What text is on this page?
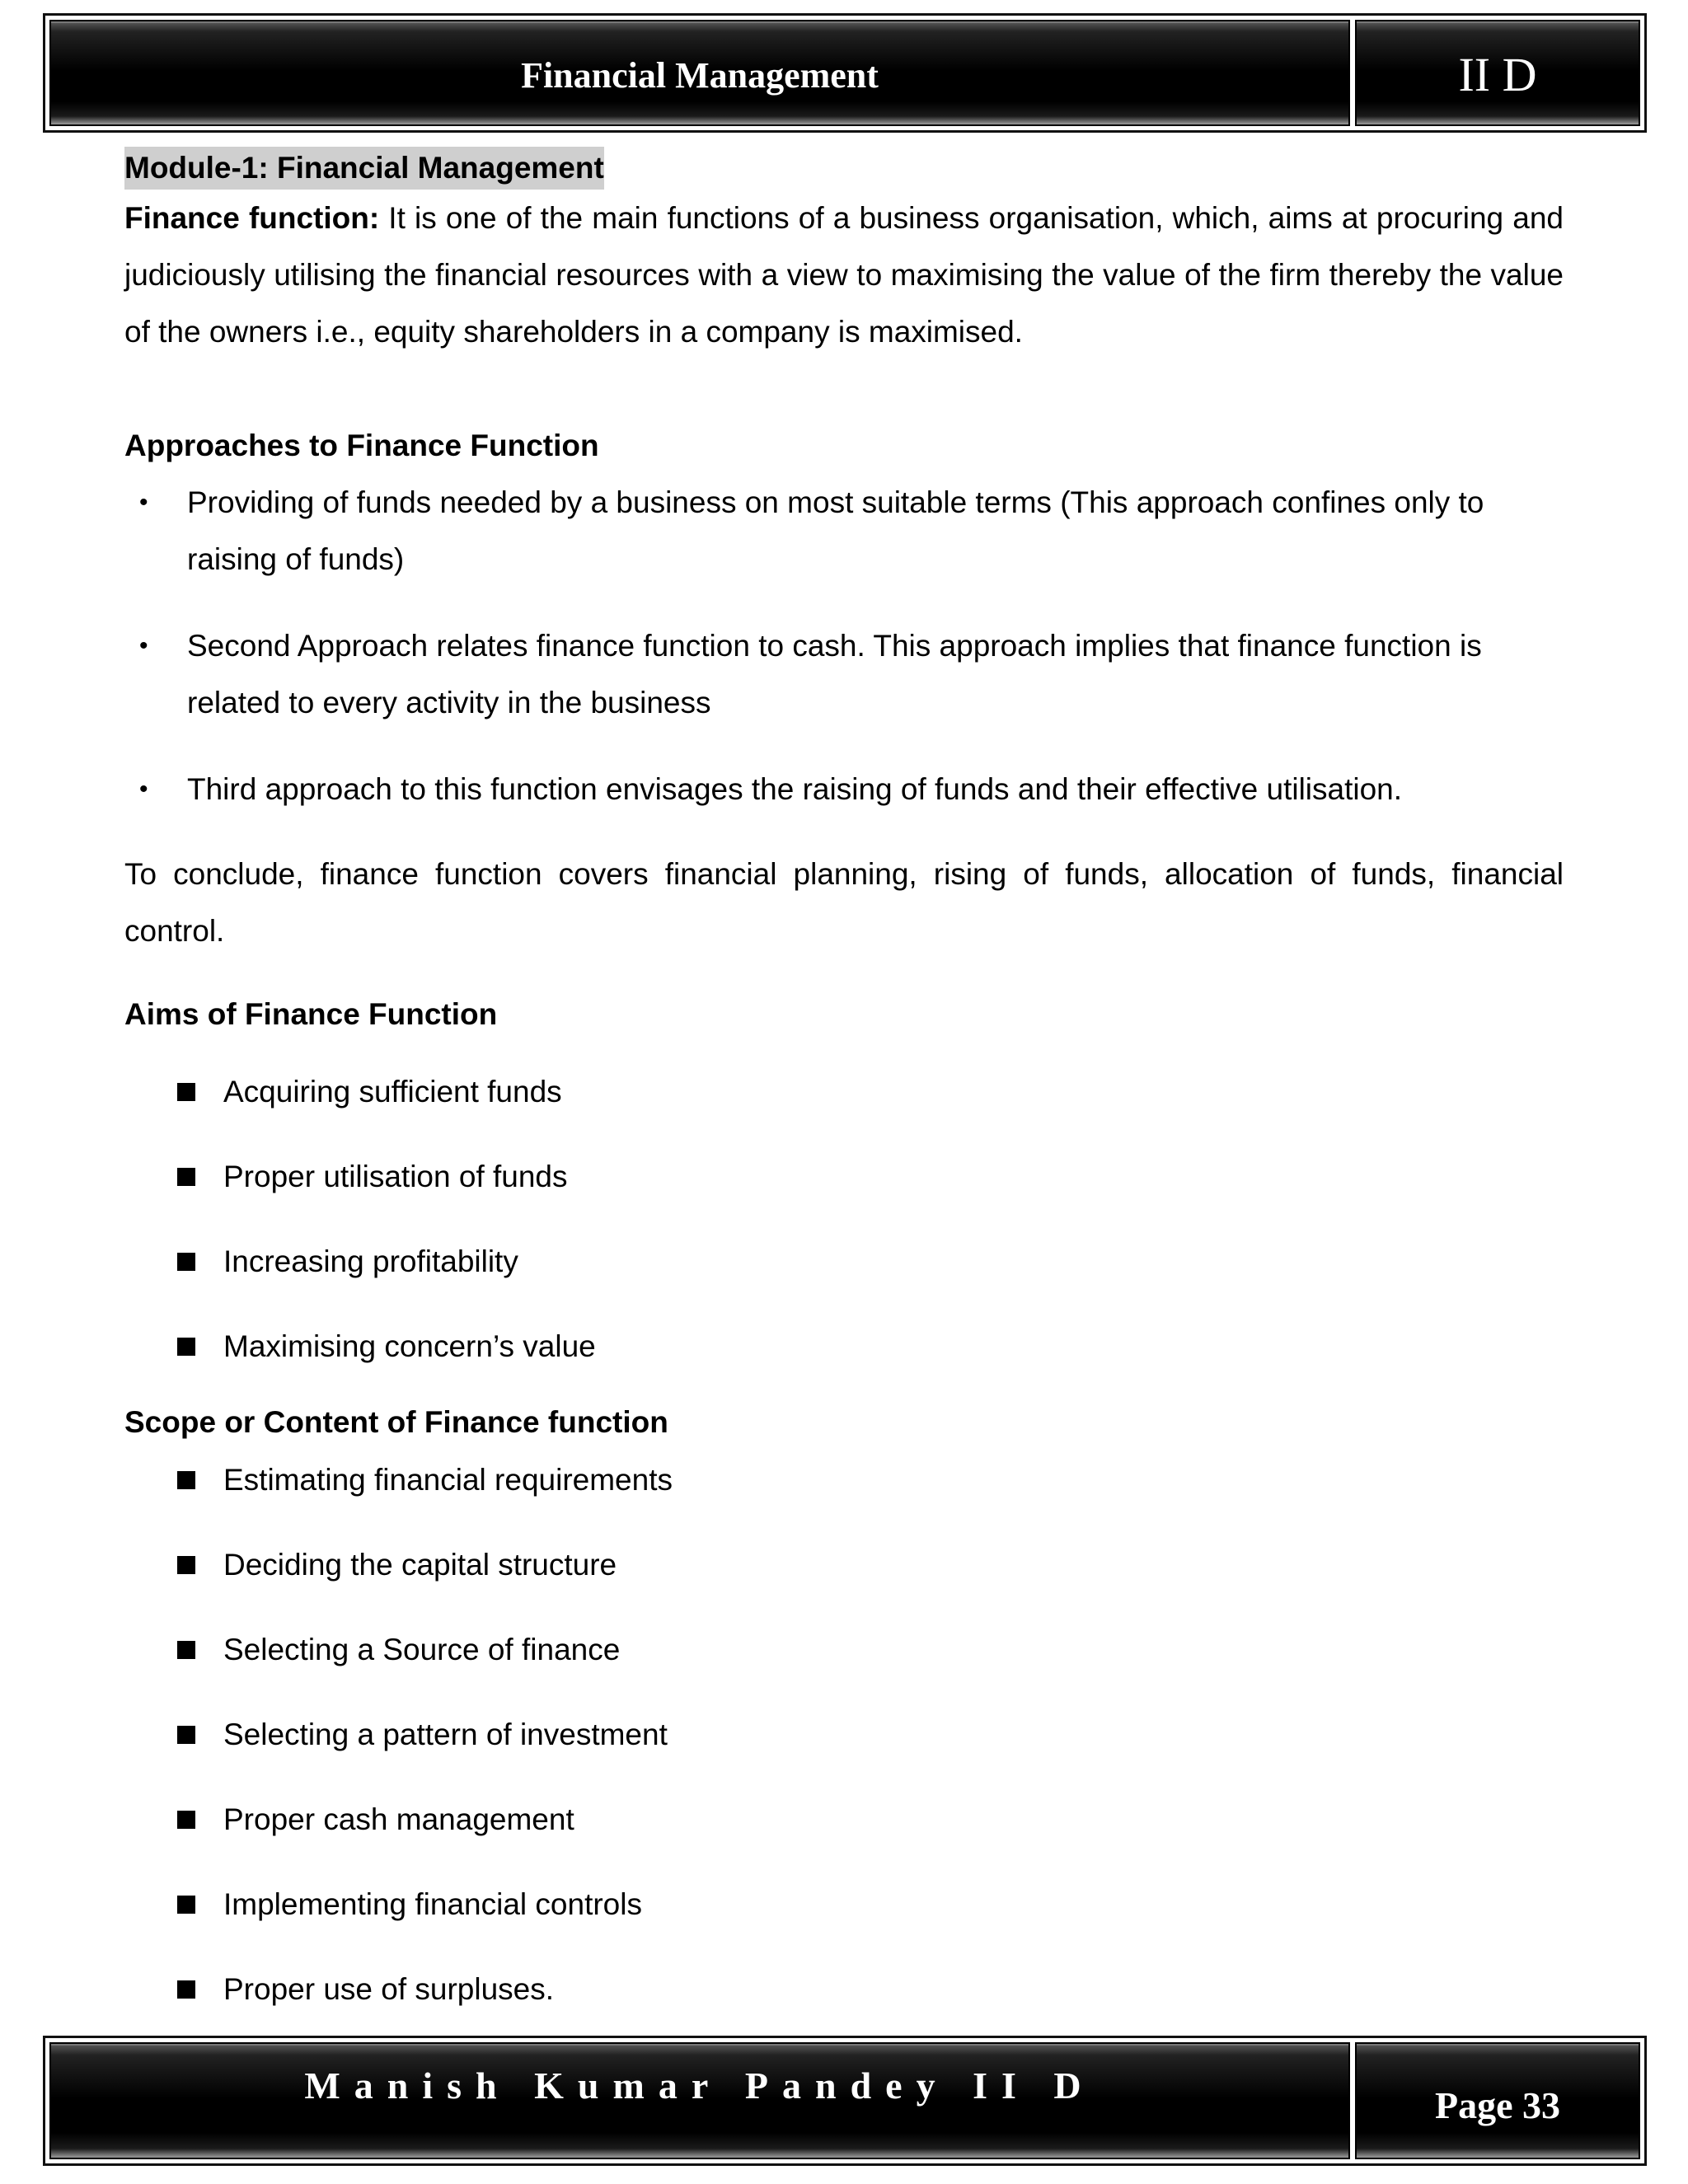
Financial Management	II D
Module-1: Financial Management

Finance function: It is one of the main functions of a business organisation, which, aims at procuring and judiciously utilising the financial resources with a view to maximising the value of the firm thereby the value of the owners i.e., equity shareholders in a company is maximised.

Approaches to Finance Function
• Providing of funds needed by a business on most suitable terms (This approach confines only to raising of funds)
• Second Approach relates finance function to cash. This approach implies that finance function is related to every activity in the business
• Third approach to this function envisages the raising of funds and their effective utilisation.

To conclude, finance function covers financial planning, rising of funds, allocation of funds, financial control.

Aims of Finance Function
Acquiring sufficient funds
Proper utilisation of funds
Increasing profitability
Maximising concern’s value
Scope or Content of Finance function
Estimating financial requirements
Deciding the capital structure
Selecting a Source of finance
Selecting a pattern of investment
Proper cash management
Implementing financial controls
Proper use of surpluses.
Manish Kumar Pandey II D	Page 33
